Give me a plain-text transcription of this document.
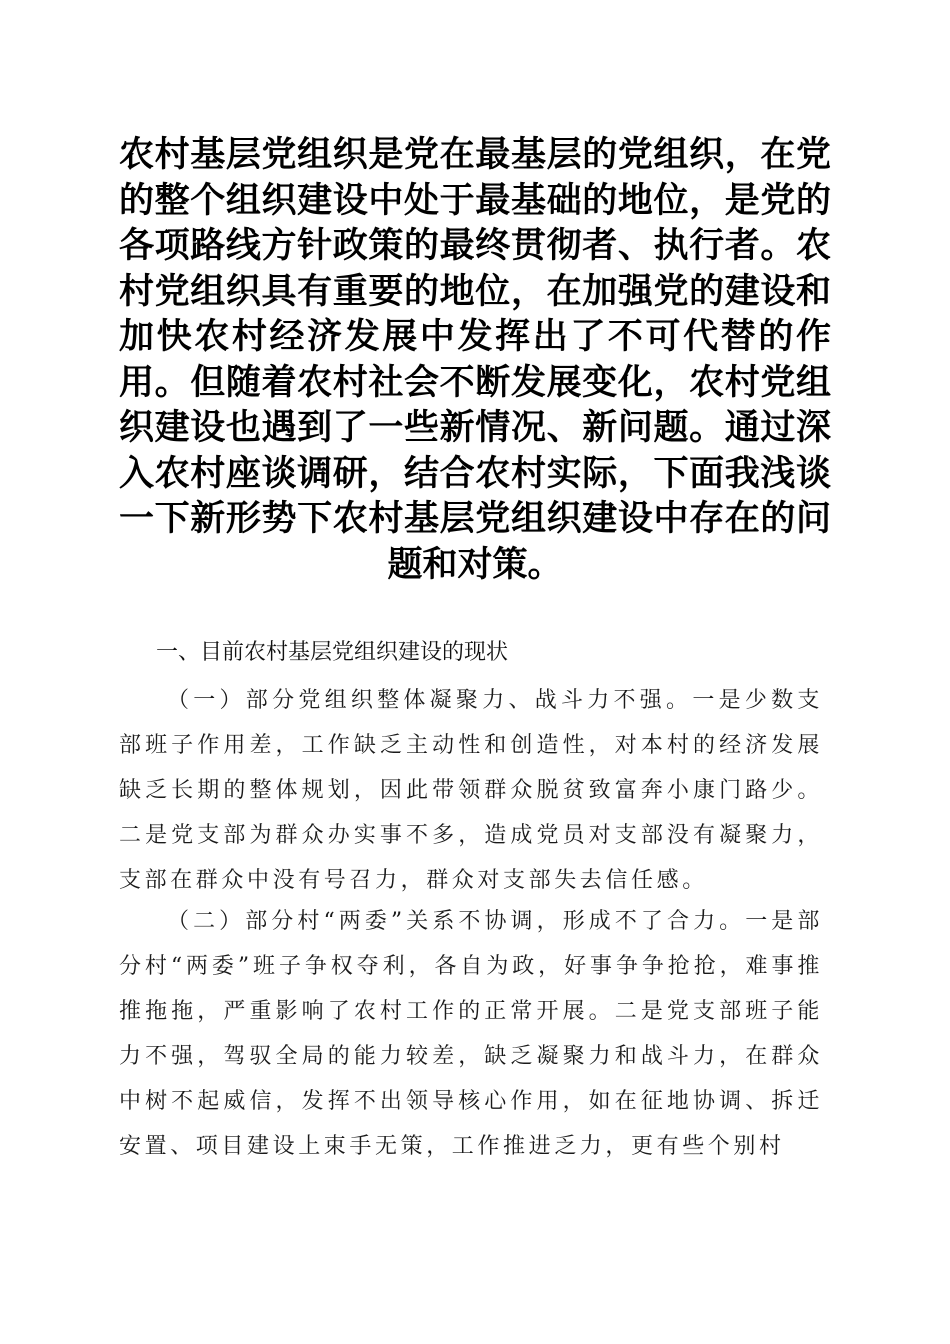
农村基层党组织是党在最基层的党组织，在党的整个组织建设中处于最基础的地位，是党的各项路线方针政策的最终贯彻者、执行者。农村党组织具有重要的地位，在加强党的建设和加快农村经济发展中发挥出了不可代替的作用。但随着农村社会不断发展变化，农村党组织建设也遇到了一些新情况、新问题。通过深入农村座谈调研，结合农村实际，下面我浅谈一下新形势下农村基层党组织建设中存在的问题和对策。

一、目前农村基层党组织建设的现状

（一）部分党组织整体凝聚力、战斗力不强。一是少数支部班子作用差，工作缺乏主动性和创造性，对本村的经济发展缺乏长期的整体规划，因此带领群众脱贫致富奔小康门路少。二是党支部为群众办实事不多，造成党员对支部没有凝聚力，支部在群众中没有号召力，群众对支部失去信任感。

（二）部分村“两委”关系不协调，形成不了合力。一是部分村“两委”班子争权夺利，各自为政，好事争争抢抢，难事推推拖拖，严重影响了农村工作的正常开展。二是党支部班子能力不强，驾驭全局的能力较差，缺乏凝聚力和战斗力，在群众中树不起威信，发挥不出领导核心作用，如在征地协调、拆迁安置、项目建设上束手无策，工作推进乏力，更有些个别村
